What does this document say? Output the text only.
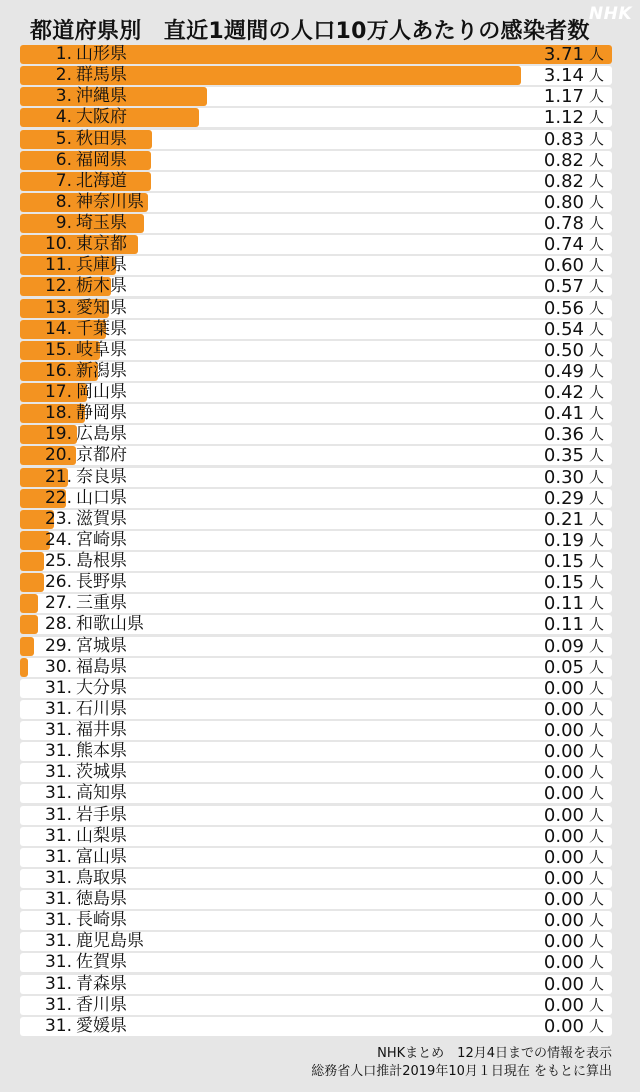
NHK
都道府県別　直近1週間の人口10万人あたりの感染者数
1. 山形県	3.71 人
2. 群馬県	3.14 人
3. 沖縄県	1.17 人
4. 大阪府	1.12 人
5. 秋田県	0.83 人
6. 福岡県	0.82 人
7. 北海道	0.82 人
8. 神奈川県	0.80 人
9. 埼玉県	0.78 人
10. 東京都	0.74 人
11. 兵庫県	0.60 人
12. 栃木県	0.57 人
13. 愛知県	0.56 人
14. 千葉県	0.54 人
15. 岐阜県	0.50 人
16. 新潟県	0.49 人
17. 岡山県	0.42 人
18. 静岡県	0.41 人
19. 広島県	0.36 人
20. 京都府	0.35 人
21. 奈良県	0.30 人
22. 山口県	0.29 人
23. 滋賀県	0.21 人
24. 宮崎県	0.19 人
25. 島根県	0.15 人
26. 長野県	0.15 人
27. 三重県	0.11 人
28. 和歌山県	0.11 人
29. 宮城県	0.09 人
30. 福島県	0.05 人
31. 大分県	0.00 人
31. 石川県	0.00 人
31. 福井県	0.00 人
31. 熊本県	0.00 人
31. 茨城県	0.00 人
31. 高知県	0.00 人
31. 岩手県	0.00 人
31. 山梨県	0.00 人
31. 富山県	0.00 人
31. 鳥取県	0.00 人
31. 徳島県	0.00 人
31. 長崎県	0.00 人
31. 鹿児島県	0.00 人
31. 佐賀県	0.00 人
31. 青森県	0.00 人
31. 香川県	0.00 人
31. 愛媛県	0.00 人
NHKまとめ　12月4日までの情報を表示
総務省人口推計2019年10月１日現在 をもとに算出
